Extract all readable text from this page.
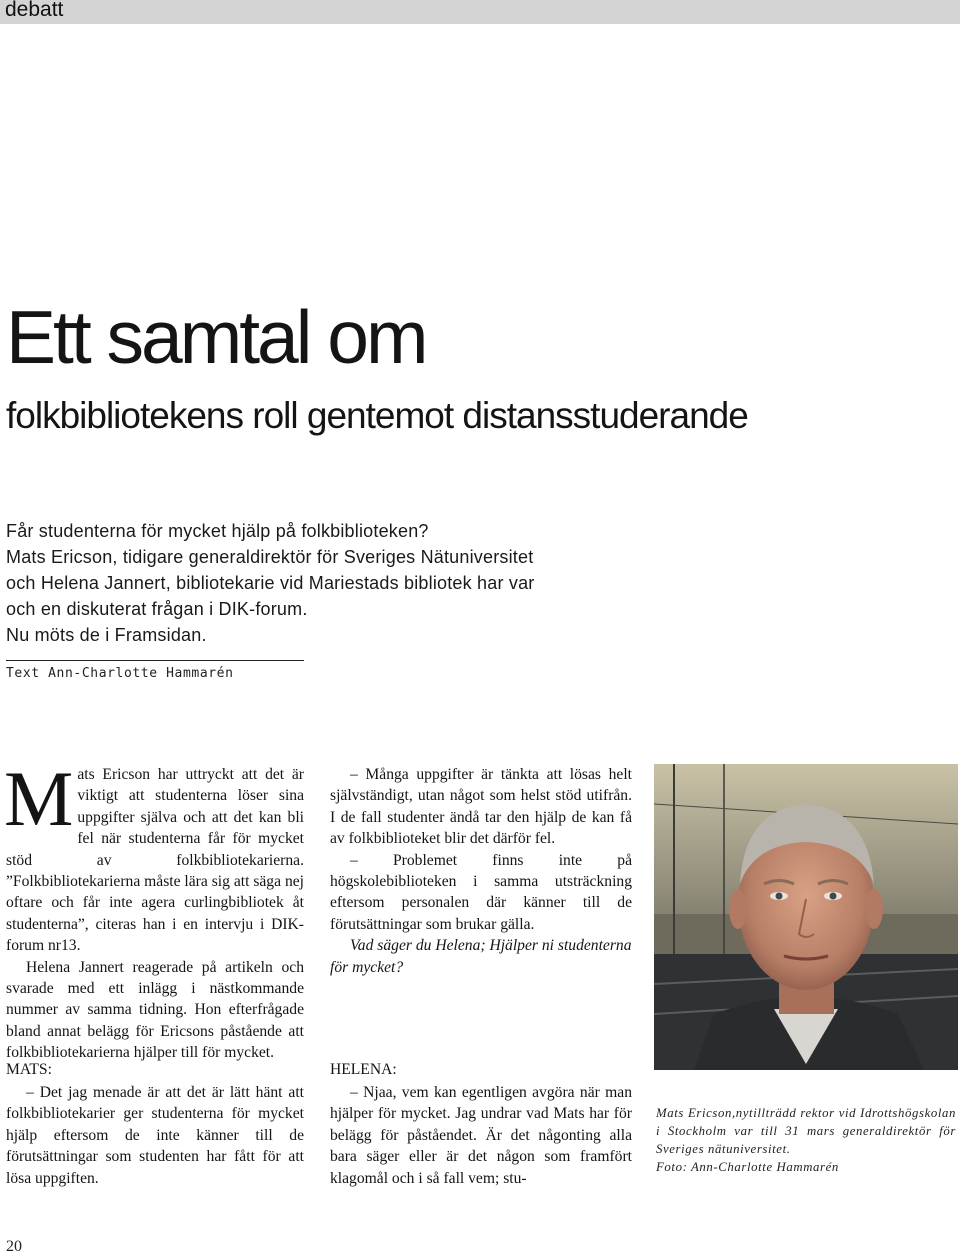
debatt
Ett samtal om
folkbibliotekens roll gentemot distansstuderande
Får studenterna för mycket hjälp på folkbiblioteken?
Mats Ericson, tidigare generaldirektör för Sveriges Nätuniversitet
och Helena Jannert, bibliotekarie vid Mariestads bibliotek har var
och en diskuterat frågan i DIK-forum.
Nu möts de i Framsidan.
Text Ann-Charlotte Hammarén

Mats Ericson har uttryckt att det är viktigt att studenterna löser sina uppgifter själva och att det kan bli fel när studenterna får för mycket stöd av folkbibliotekarierna. ”Folkbibliotekarierna måste lära sig att säga nej oftare och får inte agera curlingbibliotek åt studenterna”, citeras han i en intervju i DIK-forum nr13.

Helena Jannert reagerade på artikeln och svarade med ett inlägg i nästkommande nummer av samma tidning. Hon efterfrågade bland annat belägg för Ericsons påstående att folkbibliotekarierna hjälper till för mycket.

– Många uppgifter är tänkta att lösas helt självständigt, utan något som helst stöd utifrån. I de fall studenter ändå tar den hjälp de kan få av folkbiblioteket blir det därför fel.

– Problemet finns inte på högskolebiblioteken i samma utsträckning eftersom personalen där känner till de förutsättningar som brukar gälla.

Vad säger du Helena; Hjälper ni studenterna för mycket?

MATS:

– Det jag menade är att det är lätt hänt att folkbibliotekarier ger studenterna för mycket hjälp eftersom de inte känner till de förutsättningar som studenten har fått för att lösa uppgiften.

HELENA:

– Njaa, vem kan egentligen avgöra när man hjälper för mycket. Jag undrar vad Mats har för belägg för påståendet. Är det någonting alla bara säger eller är det någon som framfört klagomål och i så fall vem; stu-

Mats Ericson,nytillträdd rektor vid Idrottshögskolan i Stockholm var till 31 mars generaldirektör för Sveriges nätuniversitet.
Foto: Ann-Charlotte Hammarén
20
